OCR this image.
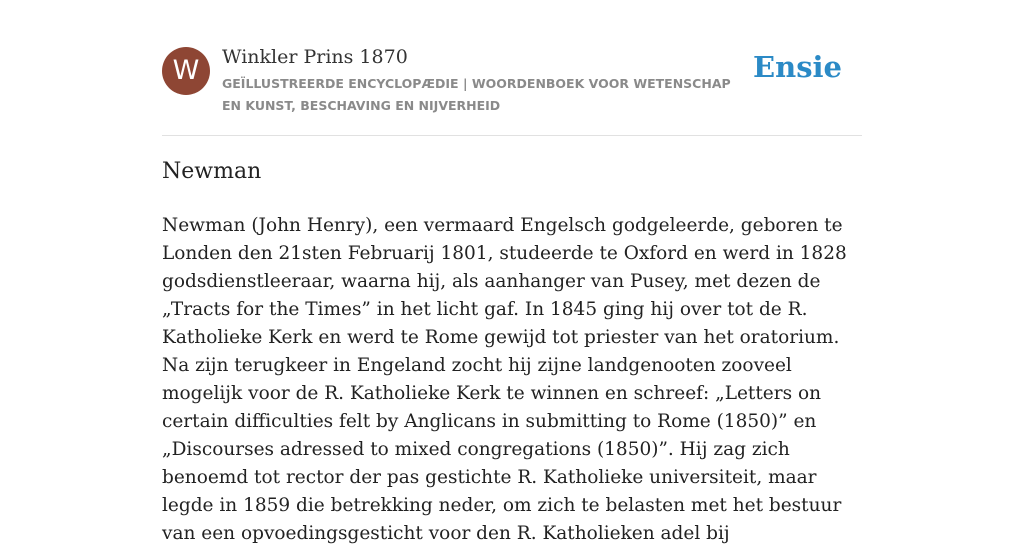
W	Winkler Prins 1870
GEÏLLUSTREERDE ENCYCLOPÆDIE | WOORDENBOEK VOOR WETENSCHAP EN KUNST, BESCHAVING EN NIJVERHEID
Ensie
Newman

Newman (John Henry), een vermaard Engelsch godgeleerde, geboren te Londen den 21sten Februarij 1801, studeerde te Oxford en werd in 1828 godsdienstleeraar, waarna hij, als aanhanger van Pusey, met dezen de „Tracts for the Times” in het licht gaf. In 1845 ging hij over tot de R. Katholieke Kerk en werd te Rome gewijd tot priester van het oratorium. Na zijn terugkeer in Engeland zocht hij zijne landgenooten zooveel mogelijk voor de R. Katholieke Kerk te winnen en schreef: „Letters on certain difficulties felt by Anglicans in submitting to Rome (1850)” en „Discourses adressed to mixed congregations (1850)”. Hij zag zich benoemd tot rector der pas gestichte R. Katholieke universiteit, maar legde in 1859 die betrekking neder, om zich te belasten met het bestuur van een opvoedingsgesticht voor den R. Katholieken adel bij
